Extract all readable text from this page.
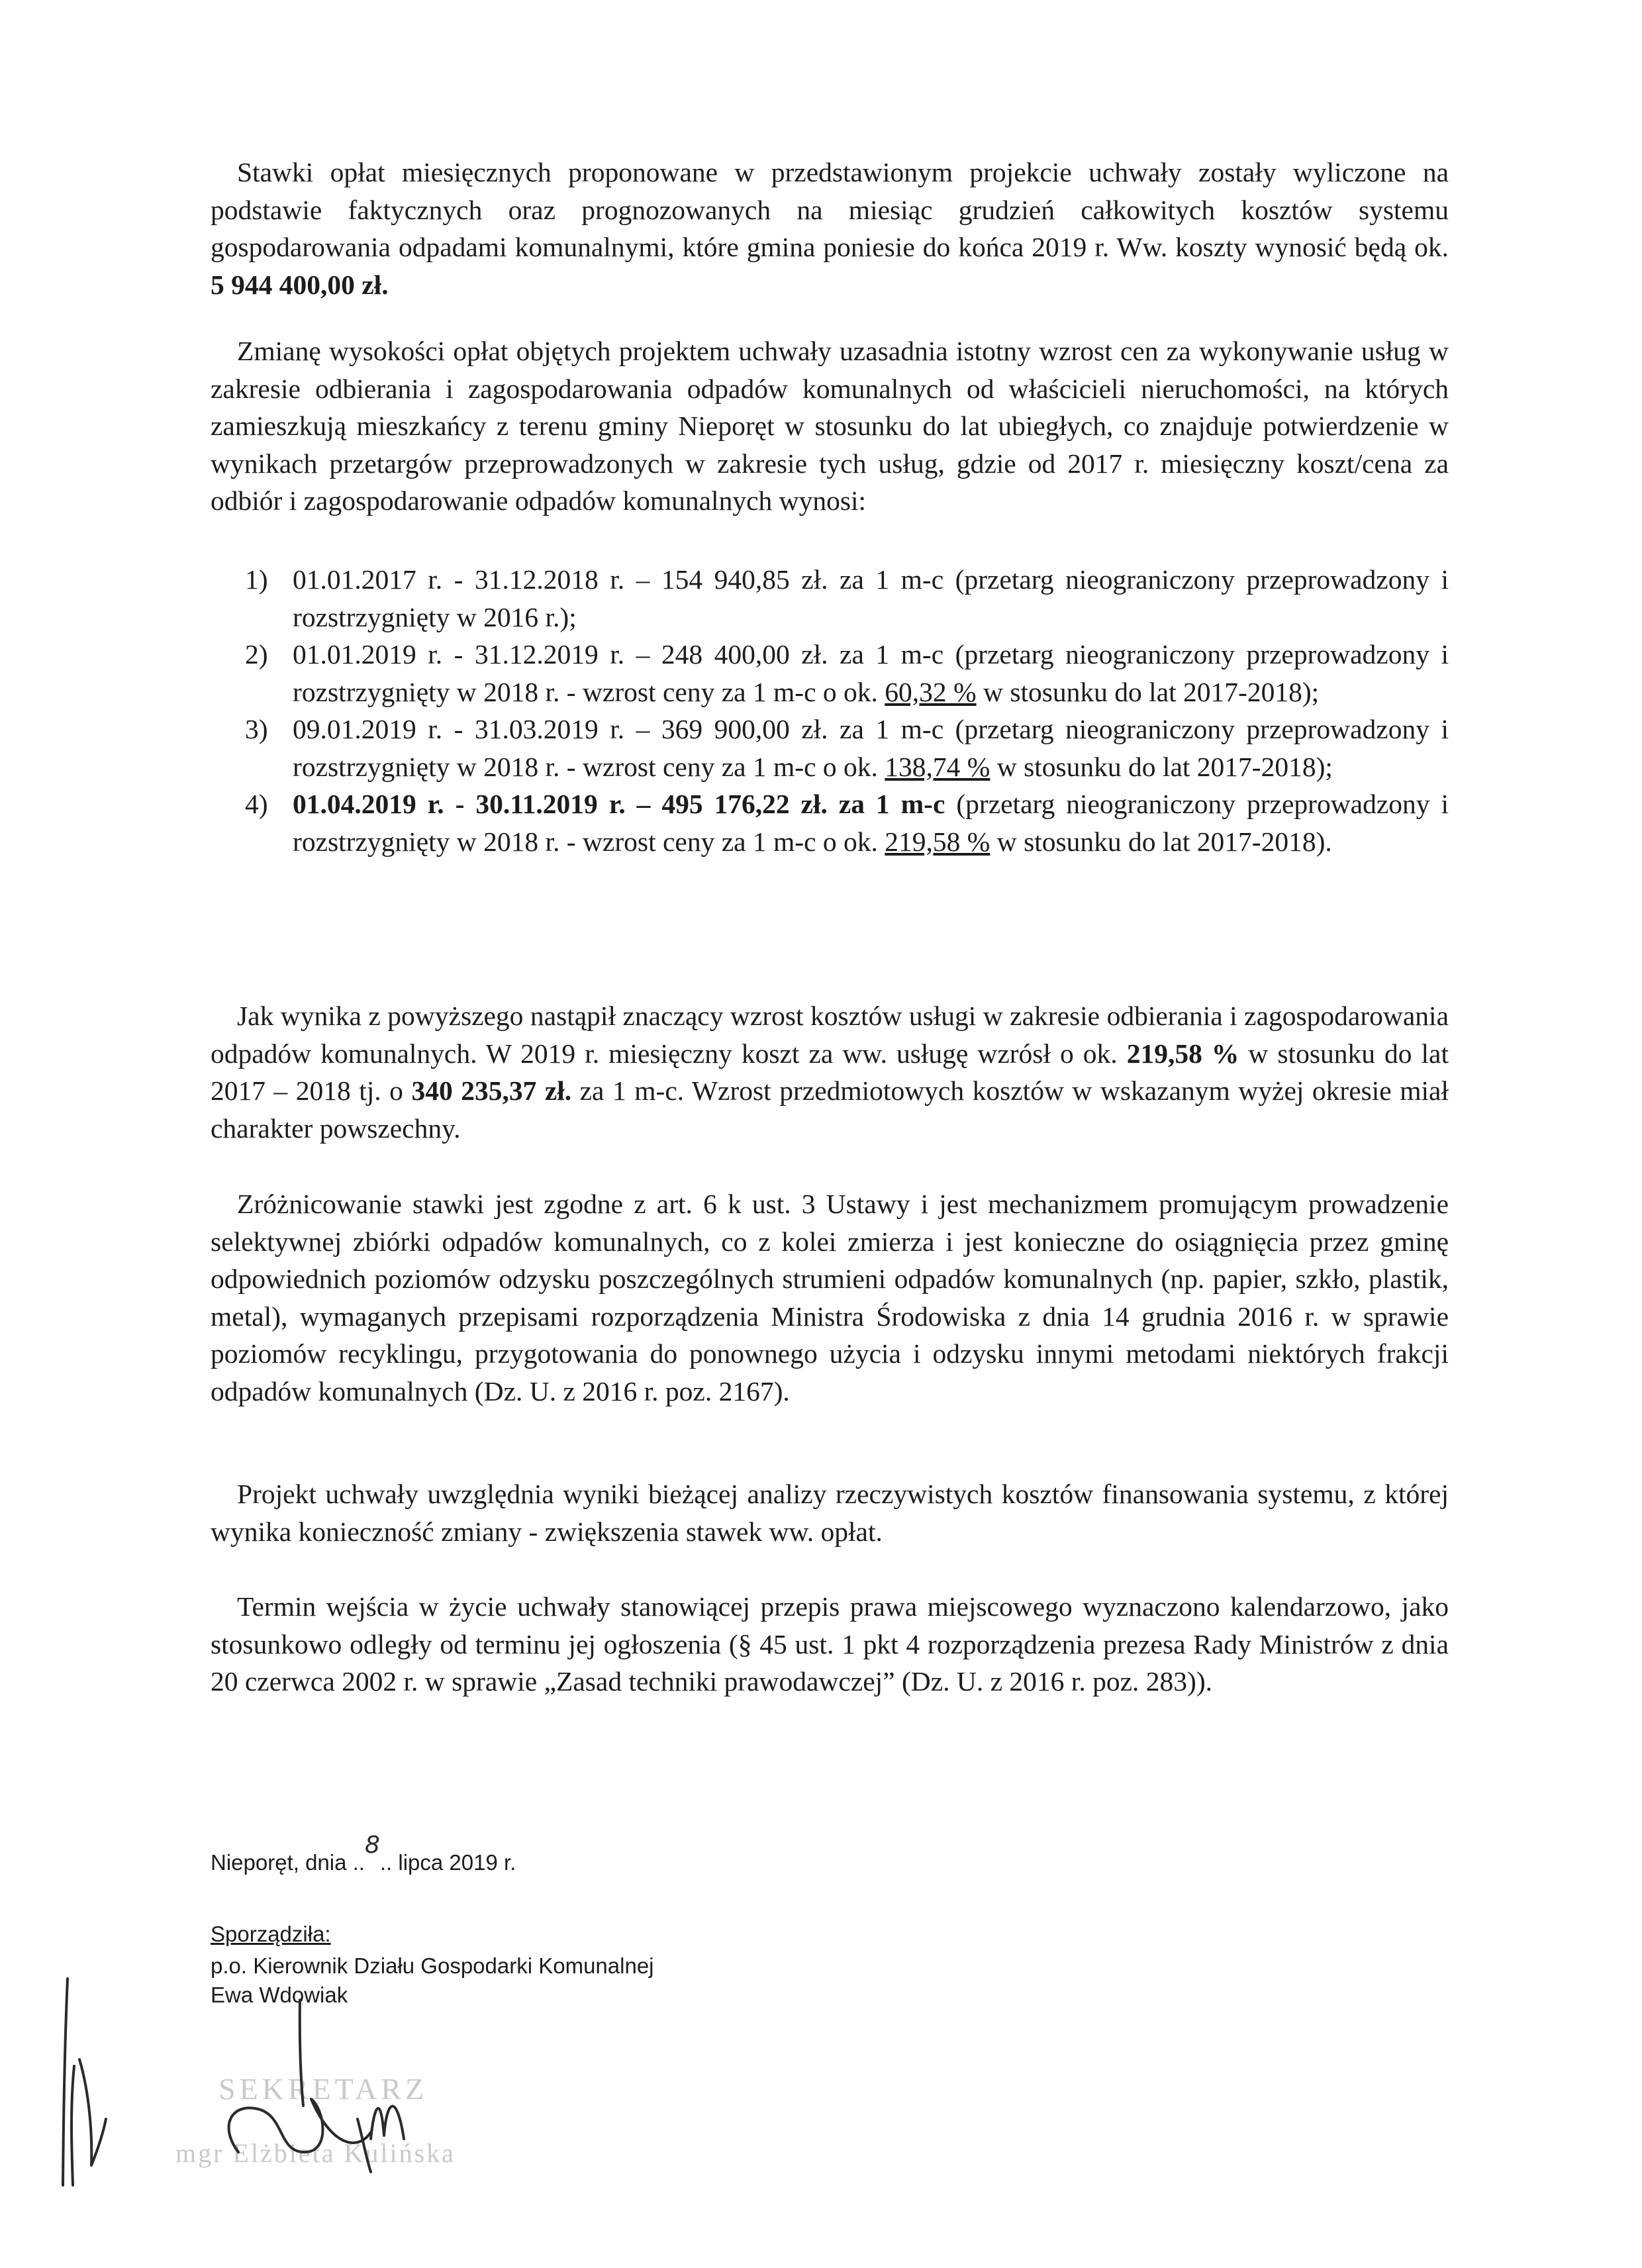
Stawki opłat miesięcznych proponowane w przedstawionym projekcie uchwały zostały wyliczone na podstawie faktycznych oraz prognozowanych na miesiąc grudzień całkowitych kosztów systemu gospodarowania odpadami komunalnymi, które gmina poniesie do końca 2019 r. Ww. koszty wynosić będą ok. 5 944 400,00 zł.

Zmianę wysokości opłat objętych projektem uchwały uzasadnia istotny wzrost cen za wykonywanie usług w zakresie odbierania i zagospodarowania odpadów komunalnych od właścicieli nieruchomości, na których zamieszkują mieszkańcy z terenu gminy Nieporęt w stosunku do lat ubiegłych, co znajduje potwierdzenie w wynikach przetargów przeprowadzonych w zakresie tych usług, gdzie od 2017 r. miesięczny koszt/cena za odbiór i zagospodarowanie odpadów komunalnych wynosi:

1) 01.01.2017 r. - 31.12.2018 r. – 154 940,85 zł. za 1 m-c (przetarg nieograniczony przeprowadzony i rozstrzygnięty w 2016 r.);
2) 01.01.2019 r. - 31.12.2019 r. – 248 400,00 zł. za 1 m-c (przetarg nieograniczony przeprowadzony i rozstrzygnięty w 2018 r. - wzrost ceny za 1 m-c o ok. 60,32 % w stosunku do lat 2017-2018);
3) 09.01.2019 r. - 31.03.2019 r. – 369 900,00 zł. za 1 m-c (przetarg nieograniczony przeprowadzony i rozstrzygnięty w 2018 r. - wzrost ceny za 1 m-c o ok. 138,74 % w stosunku do lat 2017-2018);
4) 01.04.2019 r. - 30.11.2019 r. – 495 176,22 zł. za 1 m-c (przetarg nieograniczony przeprowadzony i rozstrzygnięty w 2018 r. - wzrost ceny za 1 m-c o ok. 219,58 % w stosunku do lat 2017-2018).

Jak wynika z powyższego nastąpił znaczący wzrost kosztów usługi w zakresie odbierania i zagospodarowania odpadów komunalnych. W 2019 r. miesięczny koszt za ww. usługę wzrósł o ok. 219,58 % w stosunku do lat 2017 – 2018 tj. o 340 235,37 zł. za 1 m-c. Wzrost przedmiotowych kosztów w wskazanym wyżej okresie miał charakter powszechny.

Zróżnicowanie stawki jest zgodne z art. 6 k ust. 3 Ustawy i jest mechanizmem promującym prowadzenie selektywnej zbiórki odpadów komunalnych, co z kolei zmierza i jest konieczne do osiągnięcia przez gminę odpowiednich poziomów odzysku poszczególnych strumieni odpadów komunalnych (np. papier, szkło, plastik, metal), wymaganych przepisami rozporządzenia Ministra Środowiska z dnia 14 grudnia 2016 r. w sprawie poziomów recyklingu, przygotowania do ponownego użycia i odzysku innymi metodami niektórych frakcji odpadów komunalnych (Dz. U. z 2016 r. poz. 2167).

Projekt uchwały uwzględnia wyniki bieżącej analizy rzeczywistych kosztów finansowania systemu, z której wynika konieczność zmiany - zwiększenia stawek ww. opłat.

Termin wejścia w życie uchwały stanowiącej przepis prawa miejscowego wyznaczono kalendarzowo, jako stosunkowo odległy od terminu jej ogłoszenia (§ 45 ust. 1 pkt 4 rozporządzenia prezesa Rady Ministrów z dnia 20 czerwca 2002 r. w sprawie „Zasad techniki prawodawczej” (Dz. U. z 2016 r. poz. 283)).

Nieporęt, dnia ..8.. lipca 2019 r.

Sporządziła:

p.o. Kierownik Działu Gospodarki Komunalnej

Ewa Wdowiak

SEKRETARZ
mgr Elżbieta Kulińska
